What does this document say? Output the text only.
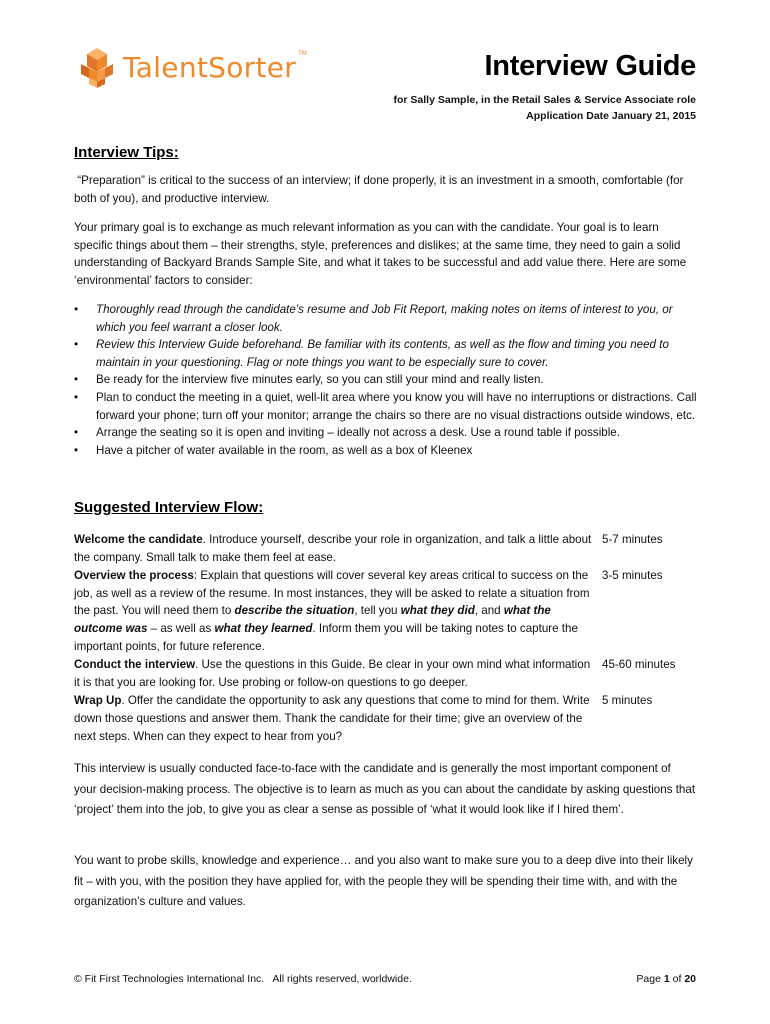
TalentSorter TM	Interview Guide
for Sally Sample, in the Retail Sales & Service Associate role
Application Date January 21, 2015
Interview Tips:

“Preparation” is critical to the success of an interview; if done properly, it is an investment in a smooth, comfortable (for both of you), and productive interview.

Your primary goal is to exchange as much relevant information as you can with the candidate. Your goal is to learn specific things about them – their strengths, style, preferences and dislikes; at the same time, they need to gain a solid understanding of Backyard Brands Sample Site, and what it takes to be successful and add value there. Here are some ‘environmental’ factors to consider:

• Thoroughly read through the candidate’s resume and Job Fit Report, making notes on items of interest to you, or which you feel warrant a closer look.
• Review this Interview Guide beforehand. Be familiar with its contents, as well as the flow and timing you need to maintain in your questioning. Flag or note things you want to be especially sure to cover.
• Be ready for the interview five minutes early, so you can still your mind and really listen.
• Plan to conduct the meeting in a quiet, well-lit area where you know you will have no interruptions or distractions. Call forward your phone; turn off your monitor; arrange the chairs so there are no visual distractions outside windows, etc.
• Arrange the seating so it is open and inviting – ideally not across a desk. Use a round table if possible.
• Have a pitcher of water available in the room, as well as a box of Kleenex
Suggested Interview Flow:
Welcome the candidate. Introduce yourself, describe your role in organization, and talk a little about the company. Small talk to make them feel at ease.	5-7 minutes
Overview the process: Explain that questions will cover several key areas critical to success on the job, as well as a review of the resume. In most instances, they will be asked to relate a situation from the past. You will need them to describe the situation, tell you what they did, and what the outcome was – as well as what they learned. Inform them you will be taking notes to capture the important points, for future reference.	3-5 minutes
Conduct the interview. Use the questions in this Guide. Be clear in your own mind what information it is that you are looking for. Use probing or follow-on questions to go deeper.	45-60 minutes
Wrap Up. Offer the candidate the opportunity to ask any questions that come to mind for them. Write down those questions and answer them. Thank the candidate for their time; give an overview of the next steps. When can they expect to hear from you?	5 minutes

This interview is usually conducted face-to-face with the candidate and is generally the most important component of your decision-making process. The objective is to learn as much as you can about the candidate by asking questions that ‘project’ them into the job, to give you as clear a sense as possible of ‘what it would look like if I hired them’.

You want to probe skills, knowledge and experience… and you also want to make sure you to a deep dive into their likely fit – with you, with the position they have applied for, with the people they will be spending their time with, and with the organization’s culture and values.

© Fit First Technologies International Inc.   All rights reserved, worldwide.	Page 1 of 20
